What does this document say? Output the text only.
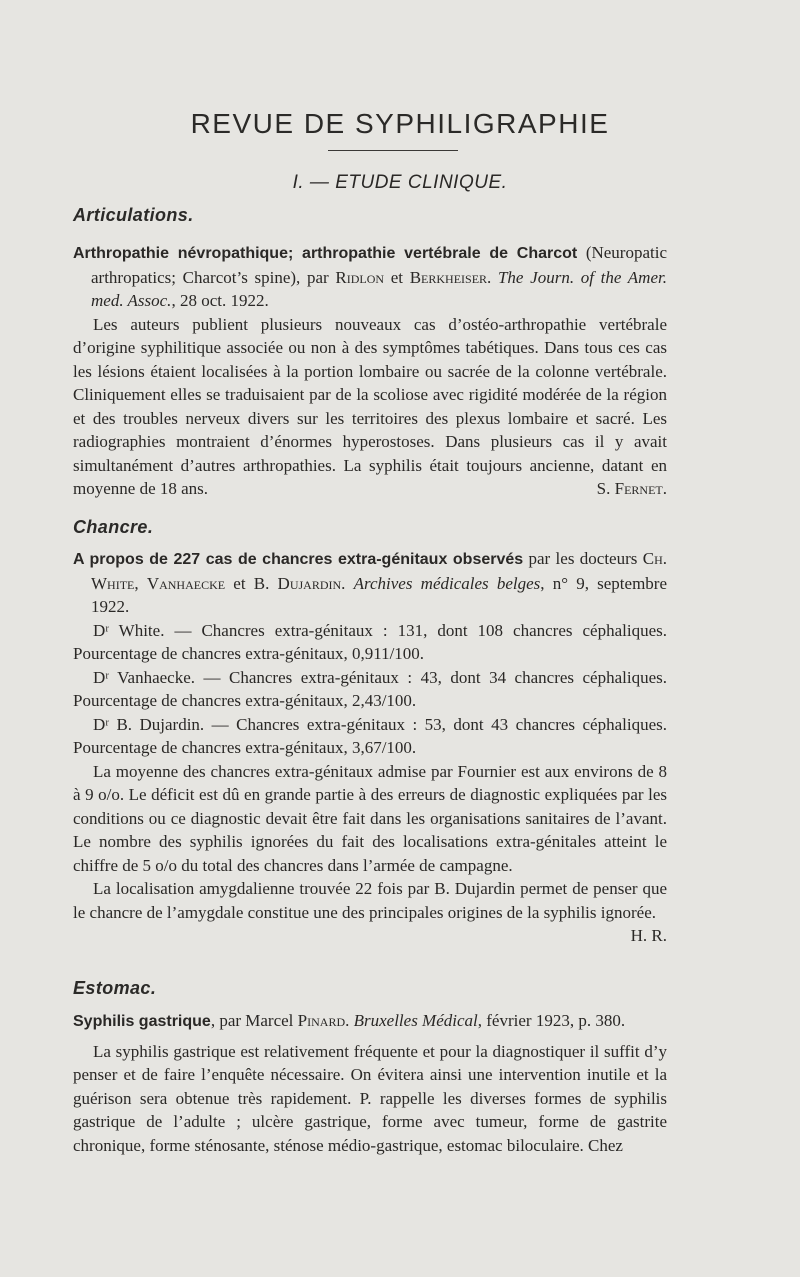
REVUE DE SYPHILIGRAPHIE
I. — ETUDE CLINIQUE.
Articulations.

Arthropathie névropathique; arthropathie vertébrale de Charcot (Neuropatic arthropatics; Charcot’s spine), par Ridlon et Berkheiser. The Journ. of the Amer. med. Assoc., 28 oct. 1922.

Les auteurs publient plusieurs nouveaux cas d’ostéo-arthropathie vertébrale d’origine syphilitique associée ou non à des symptômes tabétiques. Dans tous ces cas les lésions étaient localisées à la portion lombaire ou sacrée de la colonne vertébrale. Cliniquement elles se traduisaient par de la scoliose avec rigidité modérée de la région et des troubles nerveux divers sur les territoires des plexus lombaire et sacré. Les radiographies montraient d’énormes hyperostoses. Dans plusieurs cas il y avait simultanément d’autres arthropathies. La syphilis était toujours ancienne, datant en moyenne de 18 ans.	S. Fernet.

Chancre.

A propos de 227 cas de chancres extra-génitaux observés par les docteurs Ch. White, Vanhaecke et B. Dujardin. Archives médicales belges, n° 9, septembre 1922.

Dʳ White. — Chancres extra-génitaux : 131, dont 108 chancres céphaliques. Pourcentage de chancres extra-génitaux, 0,911/100.

Dʳ Vanhaecke. — Chancres extra-génitaux : 43, dont 34 chancres céphaliques. Pourcentage de chancres extra-génitaux, 2,43/100.

Dʳ B. Dujardin. — Chancres extra-génitaux : 53, dont 43 chancres céphaliques. Pourcentage de chancres extra-génitaux, 3,67/100.

La moyenne des chancres extra-génitaux admise par Fournier est aux environs de 8 à 9 o/o. Le déficit est dû en grande partie à des erreurs de diagnostic expliquées par les conditions ou ce diagnostic devait être fait dans les organisations sanitaires de l’avant. Le nombre des syphilis ignorées du fait des localisations extra-génitales atteint le chiffre de 5 o/o du total des chancres dans l’armée de campagne.

La localisation amygdalienne trouvée 22 fois par B. Dujardin permet de penser que le chancre de l’amygdale constitue une des principales origines de la syphilis ignorée.
H. R.

Estomac.

Syphilis gastrique, par Marcel Pinard. Bruxelles Médical, février 1923, p. 380.

La syphilis gastrique est relativement fréquente et pour la diagnostiquer il suffit d’y penser et de faire l’enquête nécessaire. On évitera ainsi une intervention inutile et la guérison sera obtenue très rapidement. P. rappelle les diverses formes de syphilis gastrique de l’adulte ; ulcère gastrique, forme avec tumeur, forme de gastrite chronique, forme sténosante, sténose médio-gastrique, estomac biloculaire. Chez
